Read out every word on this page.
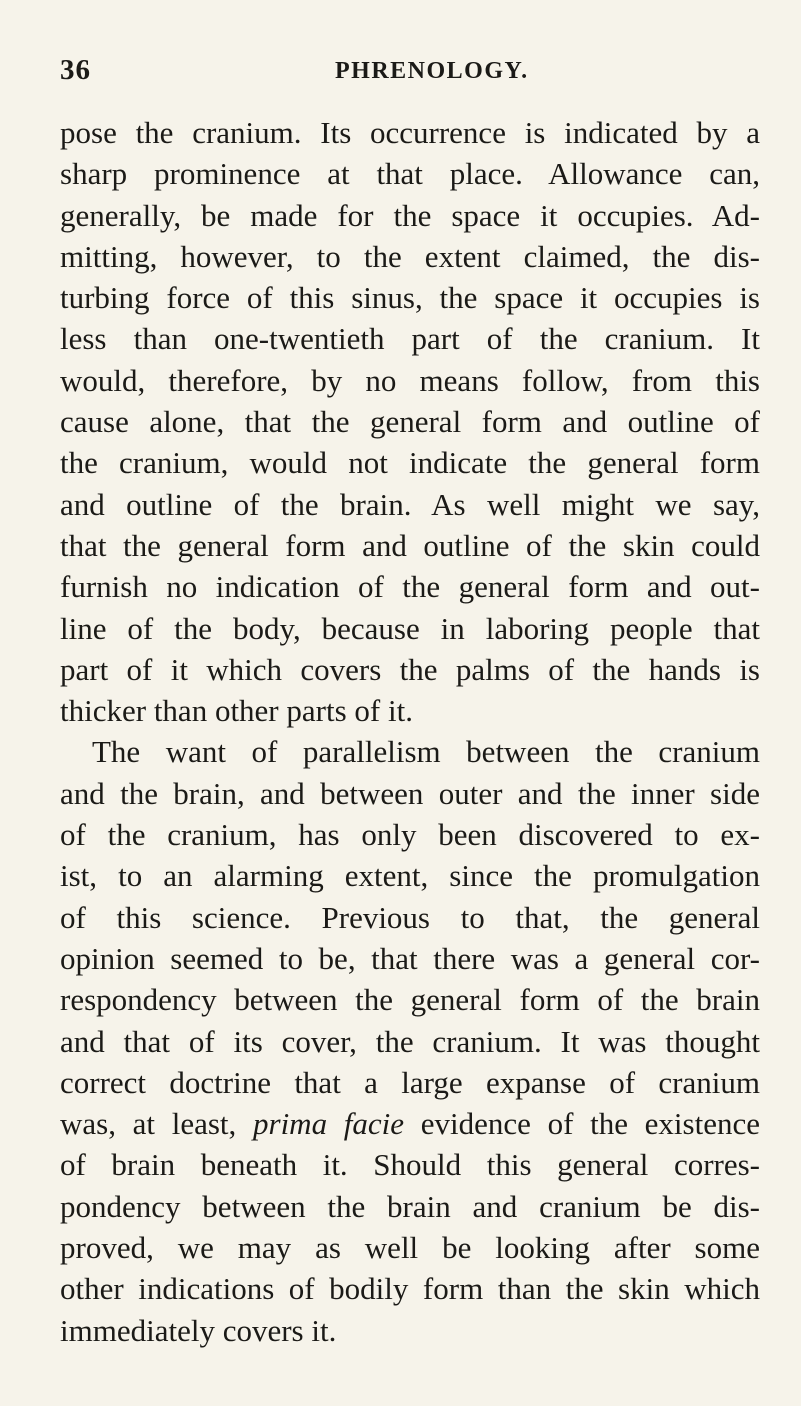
36	PHRENOLOGY.
pose the cranium. Its occurrence is indicated by a
sharp prominence at that place. Allowance can,
generally, be made for the space it occupies. Ad-
mitting, however, to the extent claimed, the dis-
turbing force of this sinus, the space it occupies is
less than one-twentieth part of the cranium. It
would, therefore, by no means follow, from this
cause alone, that the general form and outline of
the cranium, would not indicate the general form
and outline of the brain. As well might we say,
that the general form and outline of the skin could
furnish no indication of the general form and out-
line of the body, because in laboring people that
part of it which covers the palms of the hands is
thicker than other parts of it.
The want of parallelism between the cranium
and the brain, and between outer and the inner side
of the cranium, has only been discovered to ex-
ist, to an alarming extent, since the promulgation
of this science. Previous to that, the general
opinion seemed to be, that there was a general cor-
respondency between the general form of the brain
and that of its cover, the cranium. It was thought
correct doctrine that a large expanse of cranium
was, at least, prima facie evidence of the existence
of brain beneath it. Should this general corres-
pondency between the brain and cranium be dis-
proved, we may as well be looking after some
other indications of bodily form than the skin which
immediately covers it.
